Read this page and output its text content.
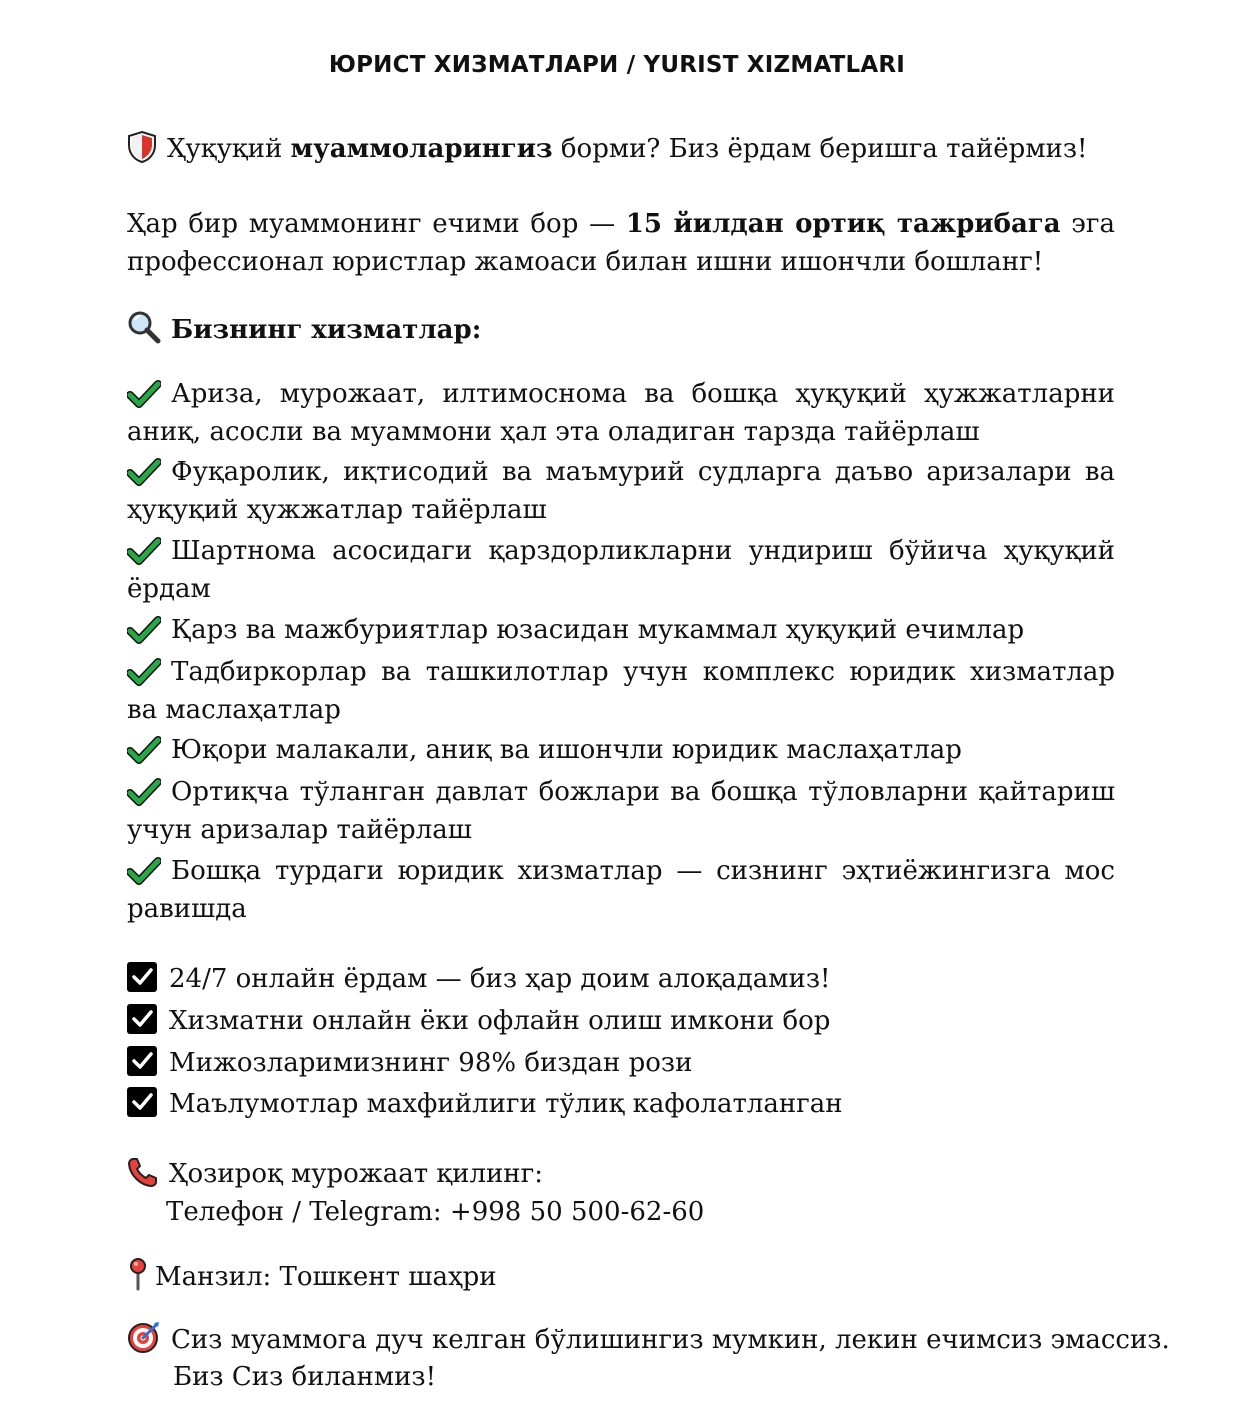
ЮРИСТ ХИЗМАТЛАРИ / YURIST XIZMATLARI
Ҳуқуқий муаммоларингиз борми? Биз ёрдам беришга тайёрмиз!
Ҳар бир муаммонинг ечими бор — 15 йилдан ортиқ тажрибага эга профессионал юристлар жамоаси билан ишни ишончли бошланг!
Бизнинг хизматлар:
Ариза, мурожаат, илтимоснома ва бошқа ҳуқуқий ҳужжатларни аниқ, асосли ва муаммони ҳал эта оладиган тарзда тайёрлаш
Фуқаролик, иқтисодий ва маъмурий судларга даъво аризалари ва ҳуқуқий ҳужжатлар тайёрлаш
Шартнома асосидаги қарздорликларни ундириш бўйича ҳуқуқий ёрдам
Қарз ва мажбуриятлар юзасидан мукаммал ҳуқуқий ечимлар
Тадбиркорлар ва ташкилотлар учун комплекс юридик хизматлар ва маслаҳатлар
Юқори малакали, аниқ ва ишончли юридик маслаҳатлар
Ортиқча тўланган давлат божлари ва бошқа тўловларни қайтариш учун аризалар тайёрлаш
Бошқа турдаги юридик хизматлар — сизнинг эҳтиёжингизга мос равишда
24/7 онлайн ёрдам — биз ҳар доим алоқадамиз!
Хизматни онлайн ёки офлайн олиш имкони бор
Мижозларимизнинг 98% биздан рози
Маълумотлар махфийлиги тўлиқ кафолатланган
Ҳозироқ мурожаат қилинг:
Телефон / Telegram: +998 50 500-62-60
Манзил: Тошкент шаҳри
Сиз муаммога дуч келган бўлишингиз мумкин, лекин ечимсиз эмассиз.
Биз Сиз биланмиз!
